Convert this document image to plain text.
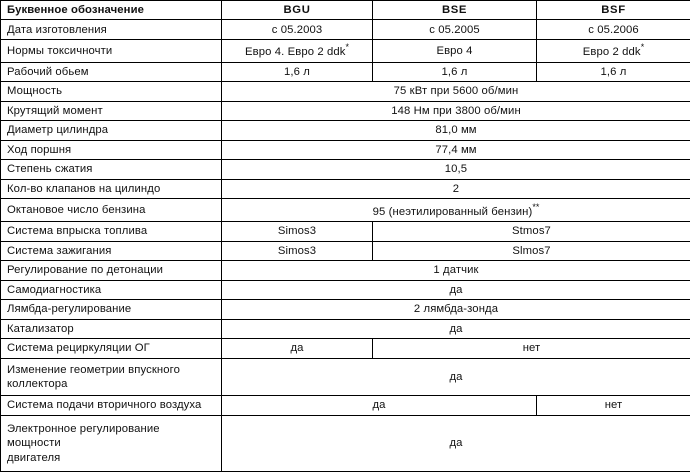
Буквенное обозначение	BGU	BSE	BSF
Дата изготовления	с 05.2003	с 05.2005	с 05.2006
Нормы токсичночти	Евро 4. Евро 2 ddk*	Евро 4	Евро 2 ddk*
Рабочий обьем	1,6 л	1,6 л	1,6 л
Мощность	75 кВт при 5600 об/мин		
Крутящий момент	148 Нм при 3800 об/мин		
Диаметр цилиндра	81,0 мм		
Ход поршня	77,4 мм		
Степень сжатия	10,5		
Кол-во клапанов на цилиндо	2		
Октановое число бензина	95 (неэтилированный бензин)**
Система впрыска топлива	Simos3	Stmos7	
Система зажигания	Simos3	Slmos7	
Регулирование по детонации	1 датчик		
Самодиагностика	да		
Лямбда-регулирование	2 лямбда-зонда		
Катализатор	да		
Система рециркуляции ОГ	да	нет	
Изменение геометрии впускного
коллектора	да		
Система подачи вторичного воздуха	да		нет
Электронное регулирование мощности
двигателя	да		
